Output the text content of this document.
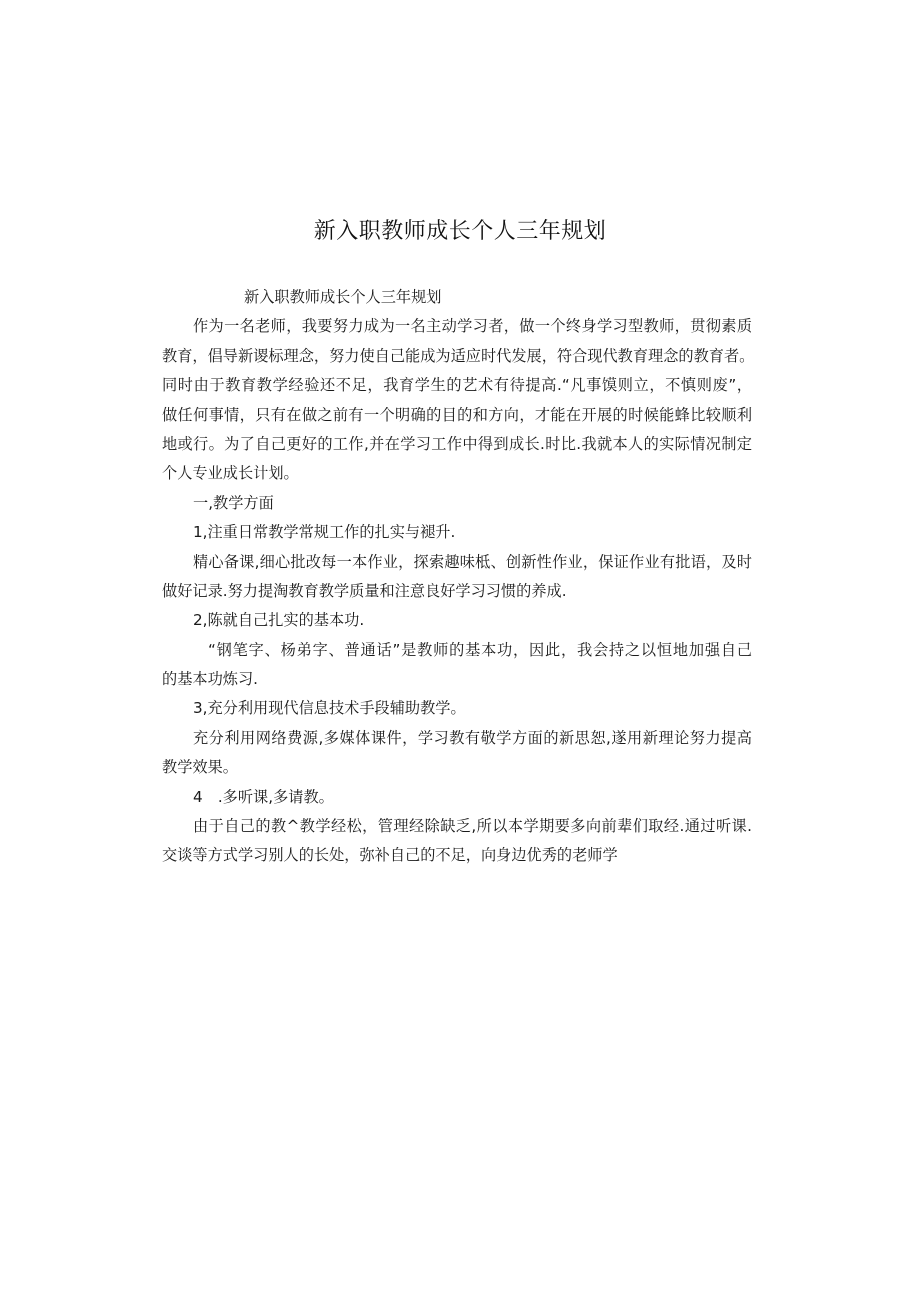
新入职教师成长个人三年规划
新入职教师成长个人三年规划
作为一名老师，我要努力成为一名主动学习者，做一个终身学习型教师，贯彻素质
教育，倡导新谡标理念，努力使自己能成为适应时代发展，符合现代教育理念的教育者。
同时由于教育教学经验还不足，我育学生的艺术有待提高.“凡事馍则立，不慎则废”，
做任何事情，只有在做之前有一个明确的目的和方向，才能在开展的时候能蜂比较顺利
地或行。为了自己更好的工作,并在学习工作中得到成长.时比.我就本人的实际情况制定
个人专业成长计划。
一,教学方面
1,注重日常教学常规工作的扎实与褪升.
精心备课,细心批改每一本作业，探索趣味柢、创新性作业，保证作业有批语，及时
做好记录.努力提淘教育教学质量和注意良好学习习惯的养成.
2,陈就自己扎实的基本功.
“钢笔字、杨弟字、普通话”是教师的基本功，因此，我会持之以恒地加强自己
的基本功炼习.
3,充分利用现代信息技术手段辅助教学。
充分利用网络费源,多媒体课件，学习教有敬学方面的新思恕,遂用新理论努力提高
教学效果。
4　.多听课,多请教。
由于自己的教^教学经松，管理经除缺乏,所以本学期要多向前辈们取经.通过听课.
交谈等方式学习别人的长处，弥补自己的不足，向身边优秀的老师学
